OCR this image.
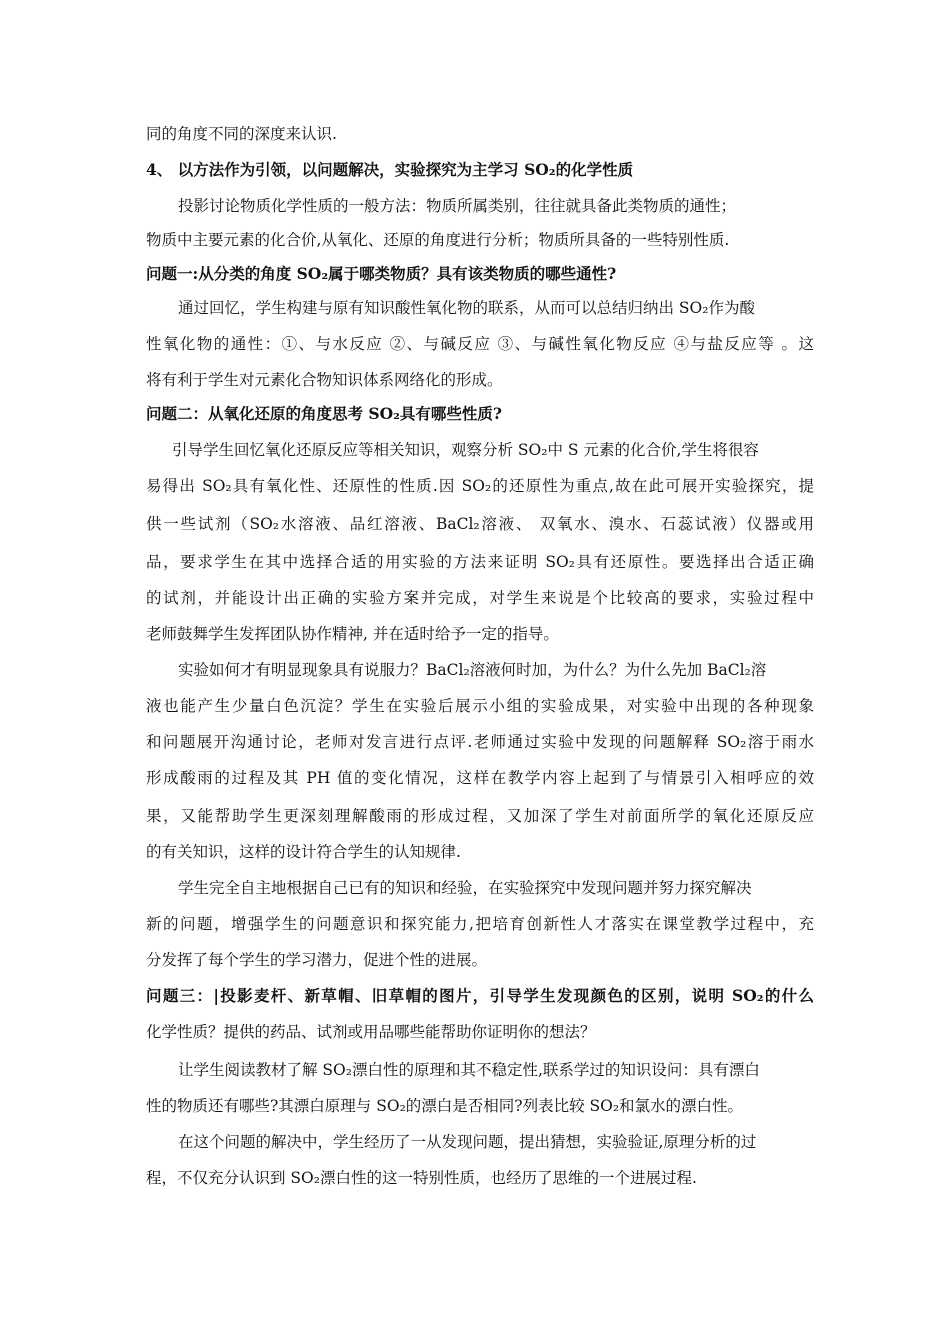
同的角度不同的深度来认识.
4、 以方法作为引领，以问题解决，实验探究为主学习 SO₂的化学性质
投影讨论物质化学性质的一般方法：物质所属类别，往往就具备此类物质的通性；
物质中主要元素的化合价,从氧化、还原的角度进行分析；物质所具备的一些特别性质.
问题一:从分类的角度 SO₂属于哪类物质？具有该类物质的哪些通性?
通过回忆，学生构建与原有知识酸性氧化物的联系，从而可以总结归纳出 SO₂作为酸
性氧化物的通性：①、与水反应 ②、与碱反应 ③、与碱性氧化物反应 ④与盐反应等 。这
将有利于学生对元素化合物知识体系网络化的形成。
问题二：从氧化还原的角度思考 SO₂具有哪些性质?
引导学生回忆氧化还原反应等相关知识，观察分析 SO₂中 S 元素的化合价,学生将很容
易得出 SO₂具有氧化性、还原性的性质.因 SO₂的还原性为重点,故在此可展开实验探究，提
供一些试剂（SO₂水溶液、品红溶液、BaCl₂溶液、 双氧水、溴水、石蕊试液）仪器或用
品，要求学生在其中选择合适的用实验的方法来证明 SO₂具有还原性。要选择出合适正确
的试剂，并能设计出正确的实验方案并完成，对学生来说是个比较高的要求，实验过程中
老师鼓舞学生发挥团队协作精神, 并在适时给予一定的指导。
实验如何才有明显现象具有说服力？BaCl₂溶液何时加，为什么？为什么先加 BaCl₂溶
液也能产生少量白色沉淀？学生在实验后展示小组的实验成果，对实验中出现的各种现象
和问题展开沟通讨论，老师对发言进行点评.老师通过实验中发现的问题解释 SO₂溶于雨水
形成酸雨的过程及其 PH 值的变化情况，这样在教学内容上起到了与情景引入相呼应的效
果，又能帮助学生更深刻理解酸雨的形成过程，又加深了学生对前面所学的氧化还原反应
的有关知识，这样的设计符合学生的认知规律.
学生完全自主地根据自己已有的知识和经验，在实验探究中发现问题并努力探究解决
新的问题，增强学生的问题意识和探究能力,把培育创新性人才落实在课堂教学过程中，充
分发挥了每个学生的学习潜力，促进个性的进展。
问题三：|投影麦杆、新草帽、旧草帽的图片，引导学生发现颜色的区别，说明 SO₂的什么
化学性质？提供的药品、试剂或用品哪些能帮助你证明你的想法？
让学生阅读教材了解 SO₂漂白性的原理和其不稳定性,联系学过的知识设问：具有漂白
性的物质还有哪些?其漂白原理与 SO₂的漂白是否相同?列表比较 SO₂和氯水的漂白性。
在这个问题的解决中，学生经历了一从发现问题，提出猜想，实验验证,原理分析的过
程，不仅充分认识到 SO₂漂白性的这一特别性质，也经历了思维的一个进展过程.
